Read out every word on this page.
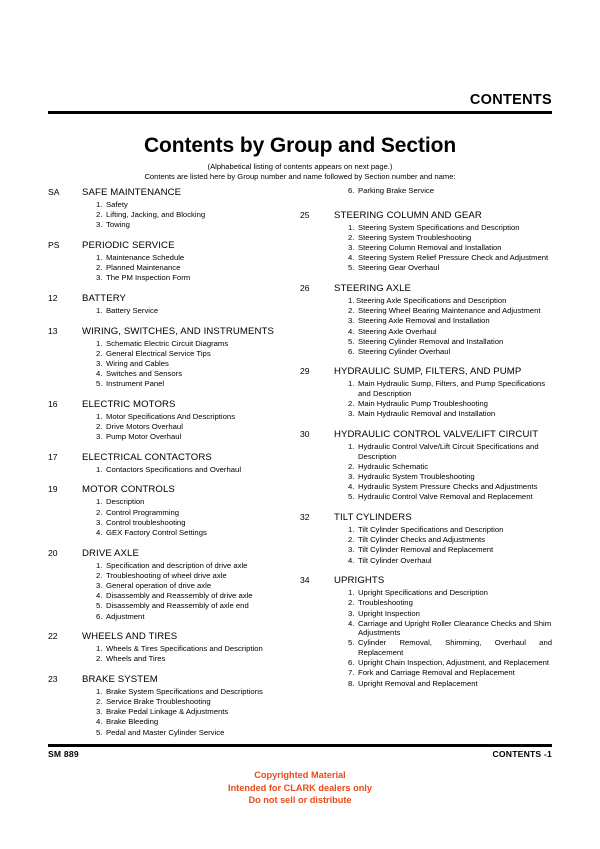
CONTENTS
Contents by Group and Section
(Alphabetical listing of contents appears on next page.)
Contents are listed here by Group number and name followed by Section number and name:
SA	SAFE MAINTENANCE
1. Safety
2. Lifting, Jacking, and Blocking
3. Towing
PS	PERIODIC SERVICE
1. Maintenance Schedule
2. Planned Maintenance
3. The PM Inspection Form
12	BATTERY
1. Battery Service
13	WIRING, SWITCHES, AND INSTRUMENTS
1. Schematic Electric Circuit Diagrams
2. General Electrical Service Tips
3. Wiring and Cables
4. Switches and Sensors
5. Instrument Panel
16	ELECTRIC MOTORS
1. Motor Specifications And Descriptions
2. Drive Motors Overhaul
3. Pump Motor Overhaul
17	ELECTRICAL CONTACTORS
1. Contactors Specifications and Overhaul
19	MOTOR CONTROLS
1. Description
2. Control Programming
3. Control troubleshooting
4. GEX Factory Control Settings
20	DRIVE AXLE
1. Specification and description of drive axle
2. Troubleshooting of wheel drive axle
3. General operation of drive axle
4. Disassembly and Reassembly of drive axle
5. Disassembly and Reassembly of axle end
6. Adjustment
22	WHEELS AND TIRES
1. Wheels & Tires Specifications and Description
2. Wheels and Tires
23	BRAKE SYSTEM
1. Brake System Specifications and Descriptions
2. Service Brake Troubleshooting
3. Brake Pedal Linkage & Adjustments
4. Brake Bleeding
5. Pedal and Master Cylinder Service
6. Parking Brake Service
25	STEERING COLUMN AND GEAR
1. Steering System Specifications and Description
2. Steering System Troubleshooting
3. Steering Column Removal and Installation
4. Steering System Relief Pressure Check and Adjustment
5. Steering Gear Overhaul
26	STEERING AXLE
1. Steering Axle Specifications and Description
2. Steering Wheel Bearing Maintenance and Adjustment
3. Steering Axle Removal and Installation
4. Steering Axle Overhaul
5. Steering Cylinder Removal and Installation
6. Steering Cylinder Overhaul
29	HYDRAULIC SUMP, FILTERS, AND PUMP
1. Main Hydraulic Sump, Filters, and Pump Specifications and Description
2. Main Hydraulic Pump Troubleshooting
3. Main Hydraulic Removal and Installation
30	HYDRAULIC CONTROL VALVE/LIFT CIRCUIT
1. Hydraulic Control Valve/Lift Circuit Specifications and Description
2. Hydraulic Schematic
3. Hydraulic System Troubleshooting
4. Hydraulic System Pressure Checks and Adjustments
5. Hydraulic Control Valve Removal and Replacement
32	TILT CYLINDERS
1. Tilt Cylinder Specifications and Description
2. Tilt Cylinder Checks and Adjustments
3. Tilt Cylinder Removal and Replacement
4. Tilt Cylinder Overhaul
34	UPRIGHTS
1. Upright Specifications and Description
2. Troubleshooting
3. Upright Inspection
4. Carriage and Upright Roller Clearance Checks and Shim Adjustments
5. Cylinder Removal, Shimming, Overhaul and Replacement
6. Upright Chain Inspection, Adjustment, and Replacement
7. Fork and Carriage Removal and Replacement
8. Upright Removal and Replacement
SM 889	CONTENTS -1
Copyrighted Material
Intended for CLARK dealers only
Do not sell or distribute
